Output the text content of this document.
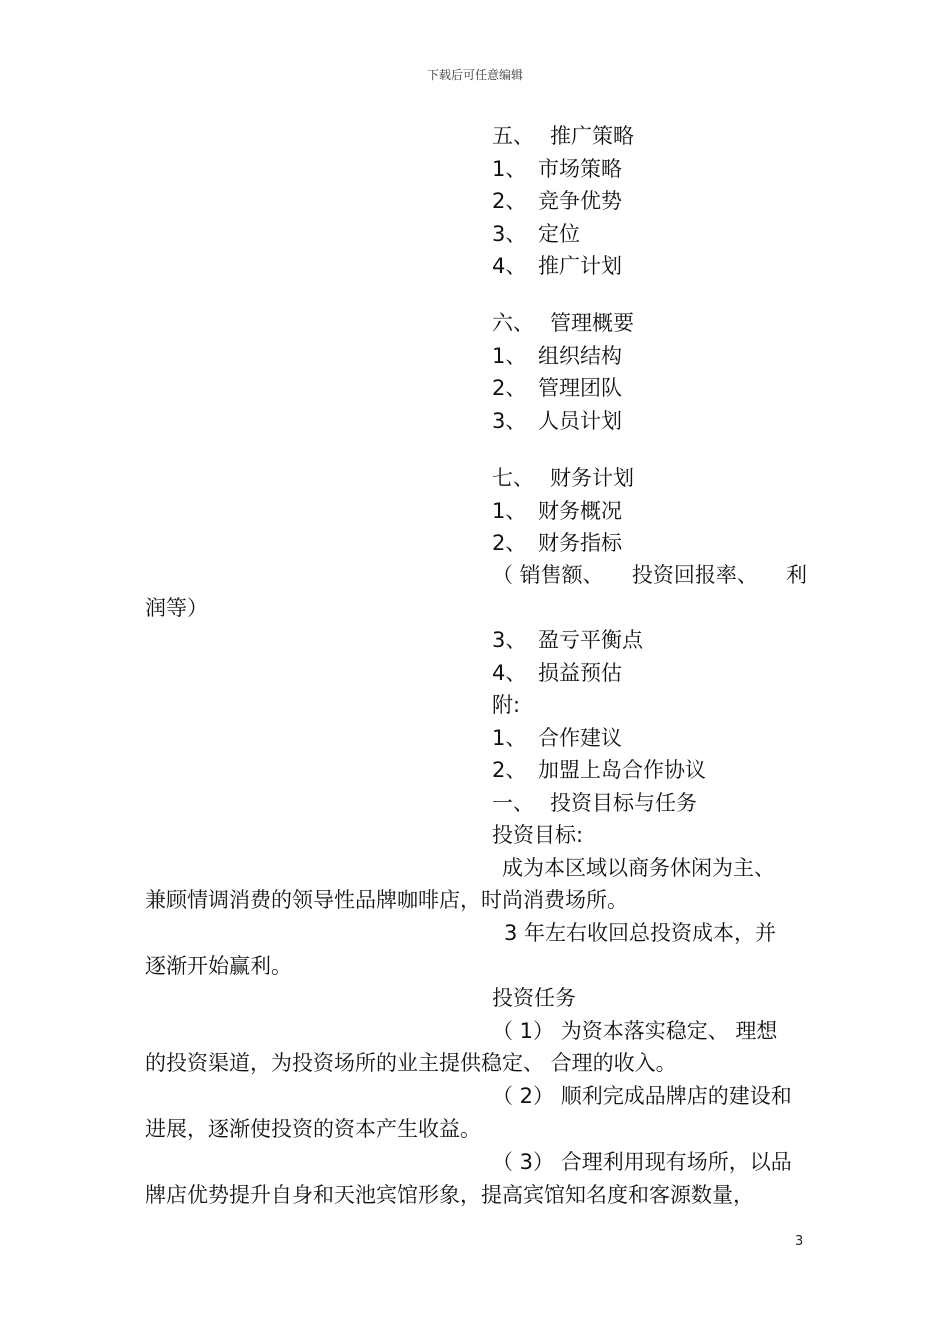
下载后可任意编辑
五、 推广策略
1、 市场策略
2、 竞争优势
3、 定位
4、 推广计划
六、 管理概要
1、 组织结构
2、 管理团队
3、 人员计划
七、 财务计划
1、 财务概况
2、 财务指标
（ 销售额、 投资回报率、 利
润等）
3、 盈亏平衡点
4、 损益预估
附:
1、 合作建议
2、 加盟上岛合作协议
一、 投资目标与任务
投资目标:
成为本区域以商务休闲为主、
兼顾情调消费的领导性品牌咖啡店，时尚消费场所。
3 年左右收回总投资成本，并
逐渐开始赢利。
投资任务
（ 1） 为资本落实稳定、 理想
的投资渠道，为投资场所的业主提供稳定、 合理的收入。
（ 2） 顺利完成品牌店的建设和
进展，逐渐使投资的资本产生收益。
（ 3） 合理利用现有场所，以品
牌店优势提升自身和天池宾馆形象，提高宾馆知名度和客源数量，
3
